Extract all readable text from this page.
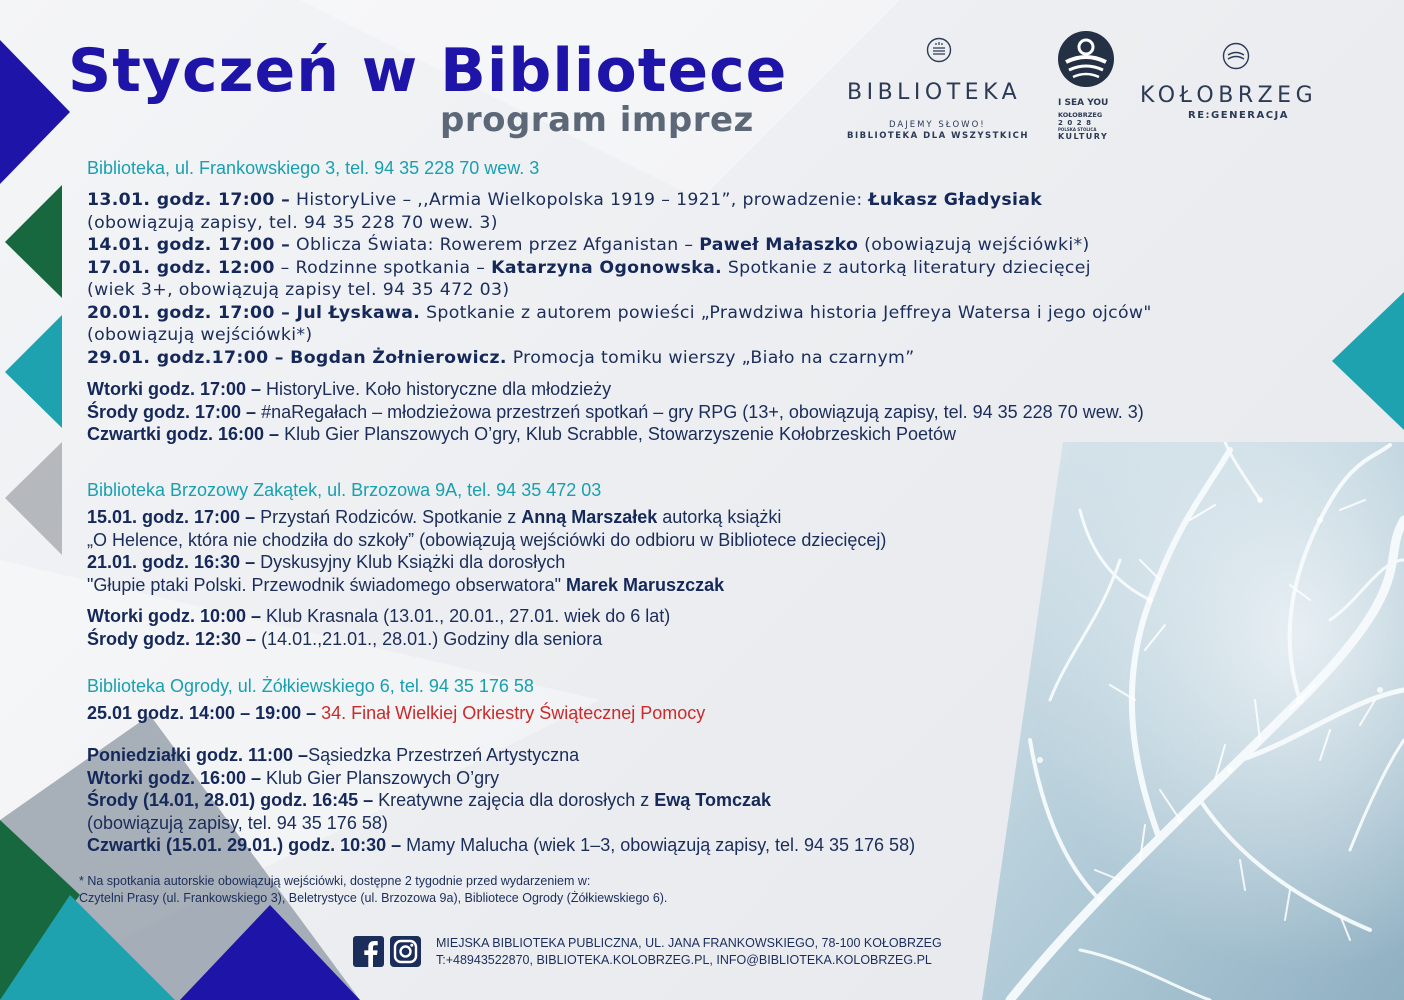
Styczeń w Bibliotece
program imprez
BIBLIOTEKA
DAJEMY SŁOWO!
BIBLIOTEKA DLA WSZYSTKICH
I SEA YOU
KOŁOBRZEG
2028
POLSKA STOLICA
KULTURY
KOŁOBRZEG
RE:GENERACJA
Biblioteka, ul. Frankowskiego 3, tel. 94 35 228 70 wew. 3
13.01. godz. 17:00 – HistoryLive – ,,Armia Wielkopolska 1919 – 1921”, prowadzenie: Łukasz Gładysiak
(obowiązują zapisy, tel. 94 35 228 70 wew. 3)
14.01. godz. 17:00 – Oblicza Świata: Rowerem przez Afganistan – Paweł Małaszko (obowiązują wejściówki*)
17.01. godz. 12:00 – Rodzinne spotkania – Katarzyna Ogonowska. Spotkanie z autorką literatury dziecięcej
(wiek 3+, obowiązują zapisy tel. 94 35 472 03)
20.01. godz. 17:00 – Jul Łyskawa. Spotkanie z autorem powieści „Prawdziwa historia Jeffreya Watersa i jego ojców"
(obowiązują wejściówki*)
29.01. godz.17:00 – Bogdan Żołnierowicz. Promocja tomiku wierszy „Biało na czarnym”
Wtorki godz. 17:00 – HistoryLive. Koło historyczne dla młodzieży
Środy godz. 17:00 – #naRegałach – młodzieżowa przestrzeń spotkań – gry RPG (13+, obowiązują zapisy, tel. 94 35 228 70 wew. 3)
Czwartki godz. 16:00 – Klub Gier Planszowych O’gry, Klub Scrabble, Stowarzyszenie Kołobrzeskich Poetów
Biblioteka Brzozowy Zakątek, ul. Brzozowa 9A, tel. 94 35 472 03
15.01. godz. 17:00 – Przystań Rodziców. Spotkanie z Anną Marszałek autorką książki
„O Helence, która nie chodziła do szkoły” (obowiązują wejściówki do odbioru w Bibliotece dziecięcej)
21.01. godz. 16:30 – Dyskusyjny Klub Książki dla dorosłych
"Głupie ptaki Polski. Przewodnik świadomego obserwatora" Marek Maruszczak
Wtorki godz. 10:00 – Klub Krasnala (13.01., 20.01., 27.01. wiek do 6 lat)
Środy godz. 12:30 – (14.01.,21.01., 28.01.) Godziny dla seniora
Biblioteka Ogrody, ul. Żółkiewskiego 6, tel. 94 35 176 58
25.01 godz. 14:00 – 19:00 – 34. Finał Wielkiej Orkiestry Świątecznej Pomocy
Poniedziałki godz. 11:00 –Sąsiedzka Przestrzeń Artystyczna
Wtorki godz. 16:00 – Klub Gier Planszowych O’gry
Środy (14.01, 28.01) godz. 16:45 – Kreatywne zajęcia dla dorosłych z Ewą Tomczak
(obowiązują zapisy, tel. 94 35 176 58)
Czwartki (15.01. 29.01.) godz. 10:30 – Mamy Malucha (wiek 1–3, obowiązują zapisy, tel. 94 35 176 58)
* Na spotkania autorskie obowiązują wejściówki, dostępne 2 tygodnie przed wydarzeniem w:
Czytelni Prasy (ul. Frankowskiego 3), Beletrystyce (ul. Brzozowa 9a), Bibliotece Ogrody (Żółkiewskiego 6).
MIEJSKA BIBLIOTEKA PUBLICZNA, UL. JANA FRANKOWSKIEGO, 78-100 KOŁOBRZEG
T:+48943522870, BIBLIOTEKA.KOLOBRZEG.PL, INFO@BIBLIOTEKA.KOLOBRZEG.PL
